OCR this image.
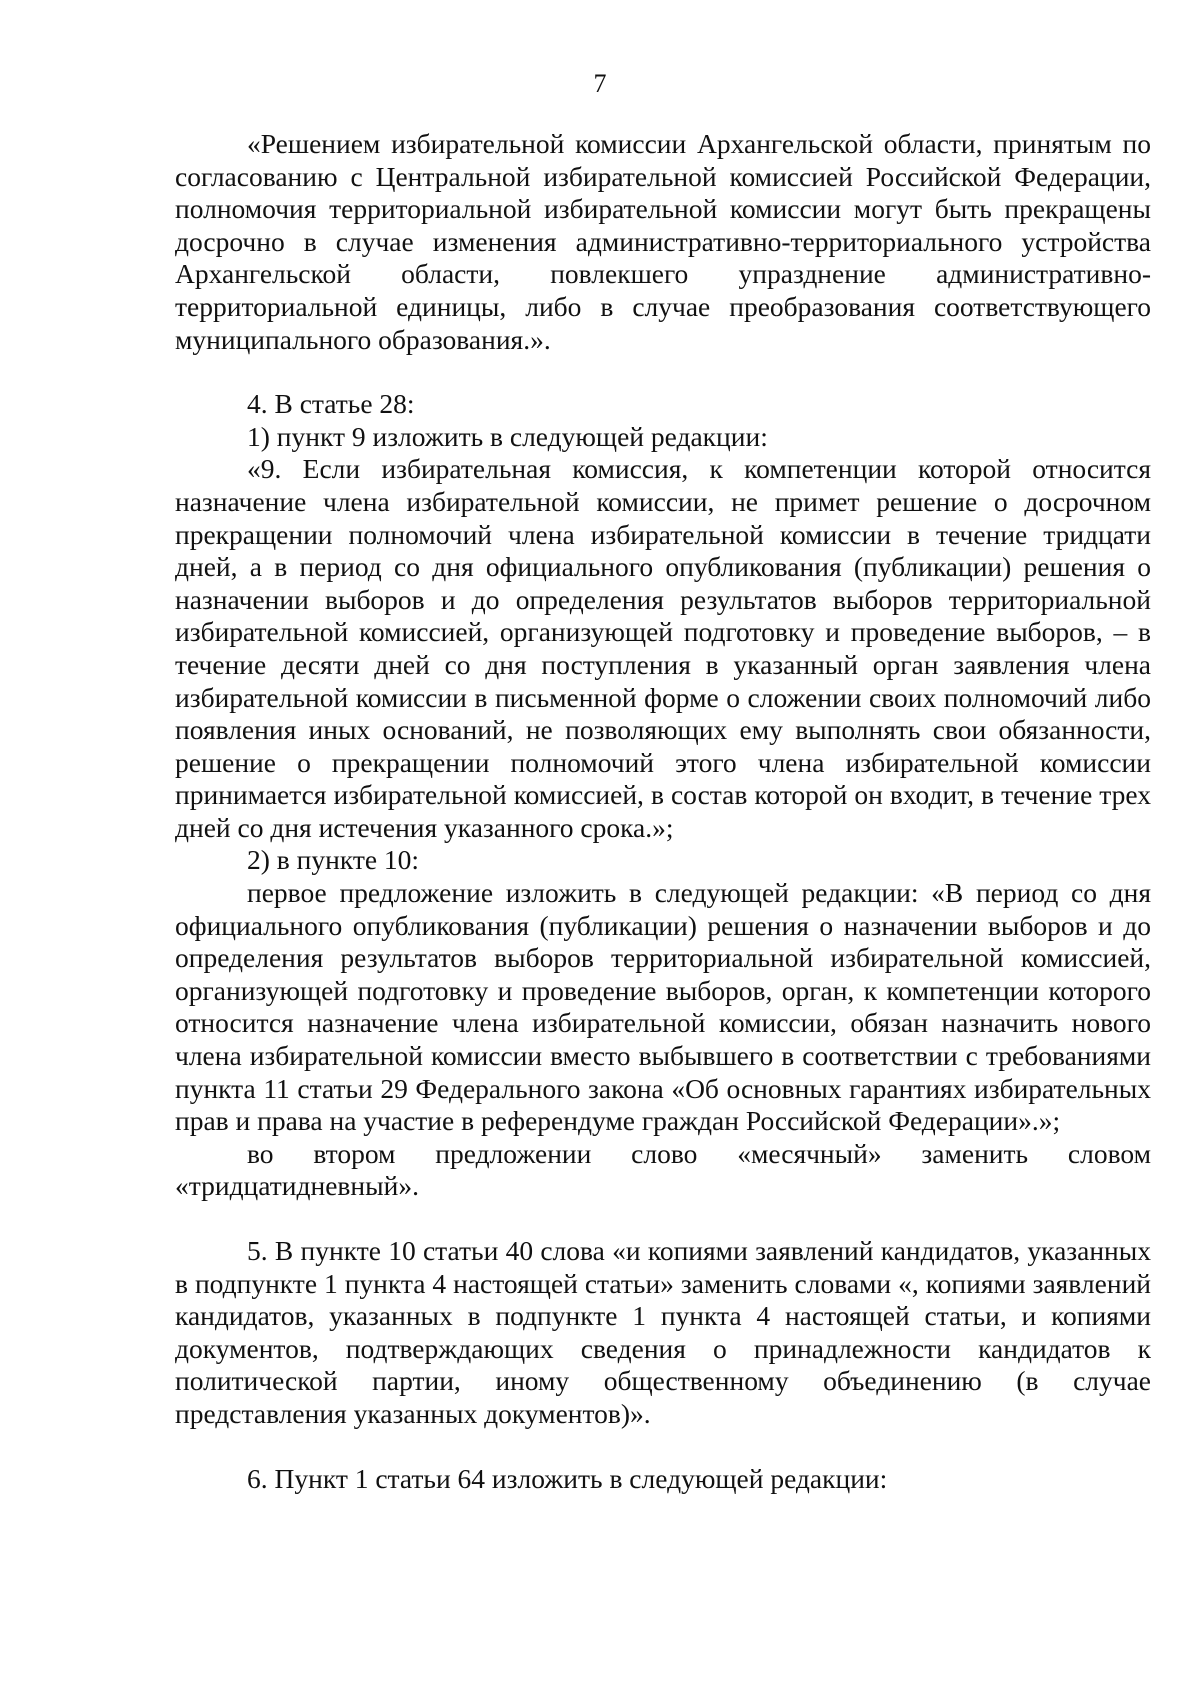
7

«Решением избирательной комиссии Архангельской области, принятым по согласованию с Центральной избирательной комиссией Российской Федерации, полномочия территориальной избирательной комиссии могут быть прекращены досрочно в случае изменения административно-территориального устройства Архангельской области, повлекшего упразднение административно-территориальной единицы, либо в случае преобразования соответствующего муниципального образования.».

4. В статье 28:

1) пункт 9 изложить в следующей редакции:

«9. Если избирательная комиссия, к компетенции которой относится назначение члена избирательной комиссии, не примет решение о досрочном прекращении полномочий члена избирательной комиссии в течение тридцати дней, а в период со дня официального опубликования (публикации) решения о назначении выборов и до определения результатов выборов территориальной избирательной комиссией, организующей подготовку и проведение выборов, – в течение десяти дней со дня поступления в указанный орган заявления члена избирательной комиссии в письменной форме о сложении своих полномочий либо появления иных оснований, не позволяющих ему выполнять свои обязанности, решение о прекращении полномочий этого члена избирательной комиссии принимается избирательной комиссией, в состав которой он входит, в течение трех дней со дня истечения указанного срока.»;

2) в пункте 10:

первое предложение изложить в следующей редакции: «В период со дня официального опубликования (публикации) решения о назначении выборов и до определения результатов выборов территориальной избирательной комиссией, организующей подготовку и проведение выборов, орган, к компетенции которого относится назначение члена избирательной комиссии, обязан назначить нового члена избирательной комиссии вместо выбывшего в соответствии с требованиями пункта 11 статьи 29 Федерального закона «Об основных гарантиях избирательных прав и права на участие в референдуме граждан Российской Федерации».»;

во втором предложении слово «месячный» заменить словом «тридцатидневный».

5. В пункте 10 статьи 40 слова «и копиями заявлений кандидатов, указанных в подпункте 1 пункта 4 настоящей статьи» заменить словами «, копиями заявлений кандидатов, указанных в подпункте 1 пункта 4 настоящей статьи, и копиями документов, подтверждающих сведения о принадлежности кандидатов к политической партии, иному общественному объединению (в случае представления указанных документов)».

6. Пункт 1 статьи 64 изложить в следующей редакции:
